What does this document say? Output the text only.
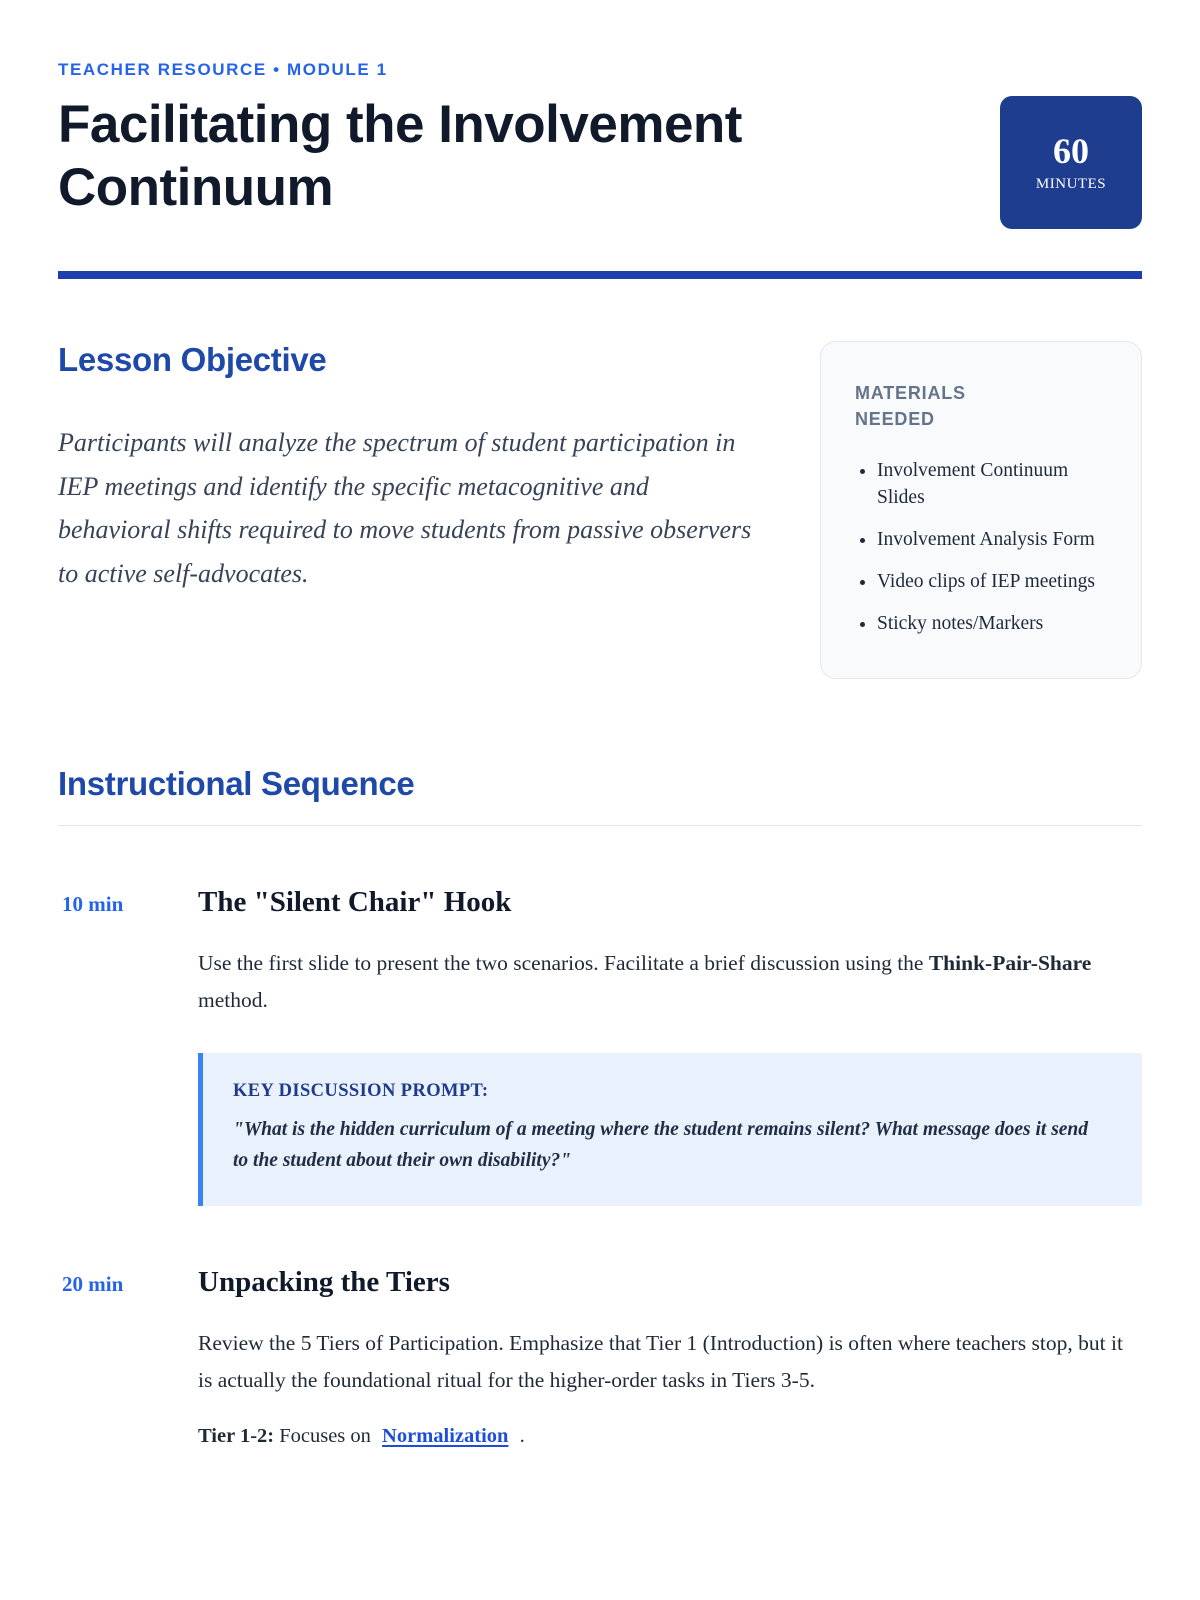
TEACHER RESOURCE • MODULE 1
Facilitating the Involvement Continuum
60
MINUTES
Lesson Objective

Participants will analyze the spectrum of student participation in IEP meetings and identify the specific metacognitive and behavioral shifts required to move students from passive observers to active self-advocates.

MATERIALS NEEDED
• Involvement Continuum Slides
• Involvement Analysis Form
• Video clips of IEP meetings
• Sticky notes/Markers
Instructional Sequence
10 min	The "Silent Chair" Hook

Use the first slide to present the two scenarios. Facilitate a brief discussion using the Think-Pair-Share method.

KEY DISCUSSION PROMPT:
"What is the hidden curriculum of a meeting where the student remains silent? What message does it send to the student about their own disability?"
20 min	Unpacking the Tiers

Review the 5 Tiers of Participation. Emphasize that Tier 1 (Introduction) is often where teachers stop, but it is actually the foundational ritual for the higher-order tasks in Tiers 3-5.

Tier 1-2: Focuses on Normalization .
